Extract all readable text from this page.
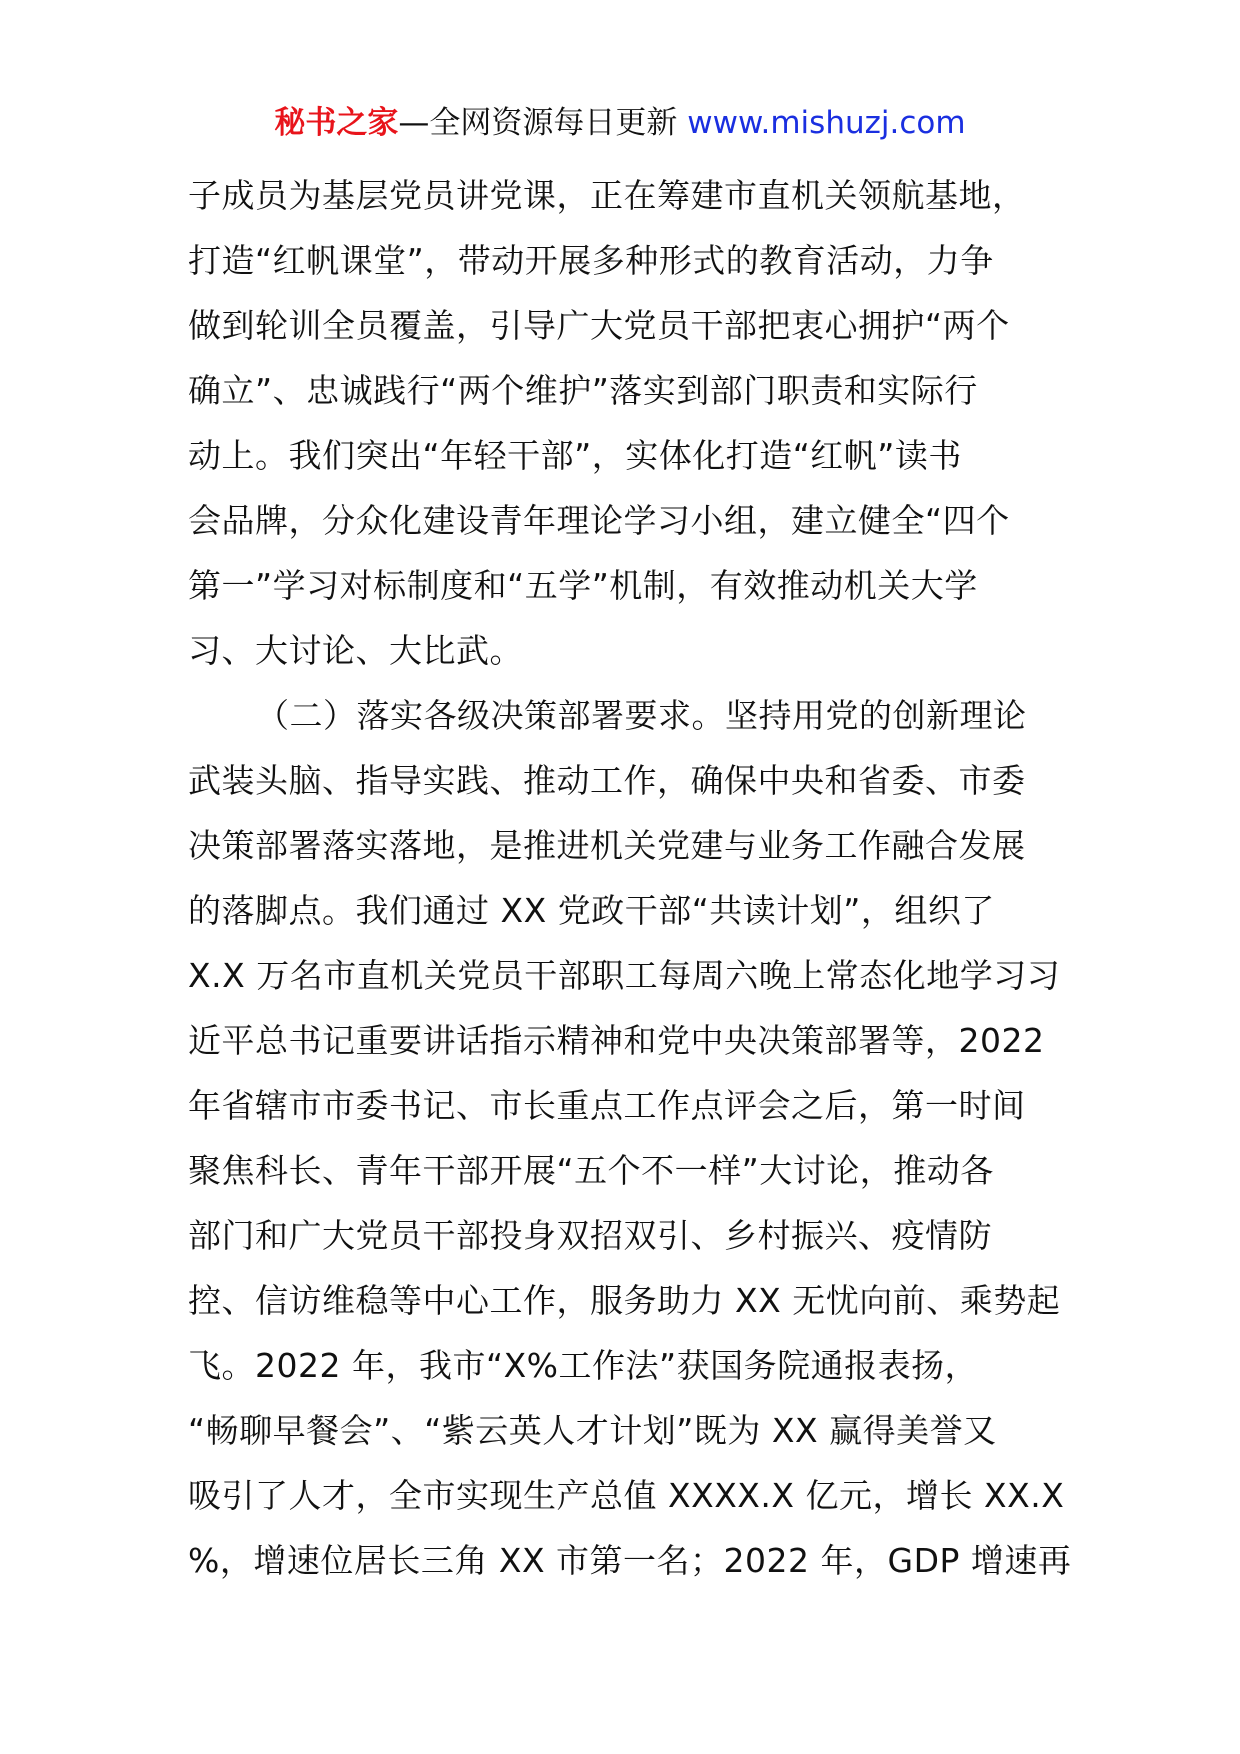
秘书之家—全网资源每日更新 www.mishuzj.com
子成员为基层党员讲党课，正在筹建市直机关领航基地，
打造“红帆课堂”，带动开展多种形式的教育活动，力争
做到轮训全员覆盖，引导广大党员干部把衷心拥护“两个
确立”、忠诚践行“两个维护”落实到部门职责和实际行
动上。我们突出“年轻干部”，实体化打造“红帆”读书
会品牌，分众化建设青年理论学习小组，建立健全“四个
第一”学习对标制度和“五学”机制，有效推动机关大学
习、大讨论、大比武。
（二）落实各级决策部署要求。坚持用党的创新理论
武装头脑、指导实践、推动工作，确保中央和省委、市委
决策部署落实落地，是推进机关党建与业务工作融合发展
的落脚点。我们通过 XX 党政干部“共读计划”，组织了
X.X 万名市直机关党员干部职工每周六晚上常态化地学习习
近平总书记重要讲话指示精神和党中央决策部署等，2022
年省辖市市委书记、市长重点工作点评会之后，第一时间
聚焦科长、青年干部开展“五个不一样”大讨论，推动各
部门和广大党员干部投身双招双引、乡村振兴、疫情防
控、信访维稳等中心工作，服务助力 XX 无忧向前、乘势起
飞。2022 年，我市“X%工作法”获国务院通报表扬，
“畅聊早餐会”、“紫云英人才计划”既为 XX 赢得美誉又
吸引了人才，全市实现生产总值 XXXX.X 亿元，增长 XX.X
%，增速位居长三角 XX 市第一名；2022 年，GDP 增速再
